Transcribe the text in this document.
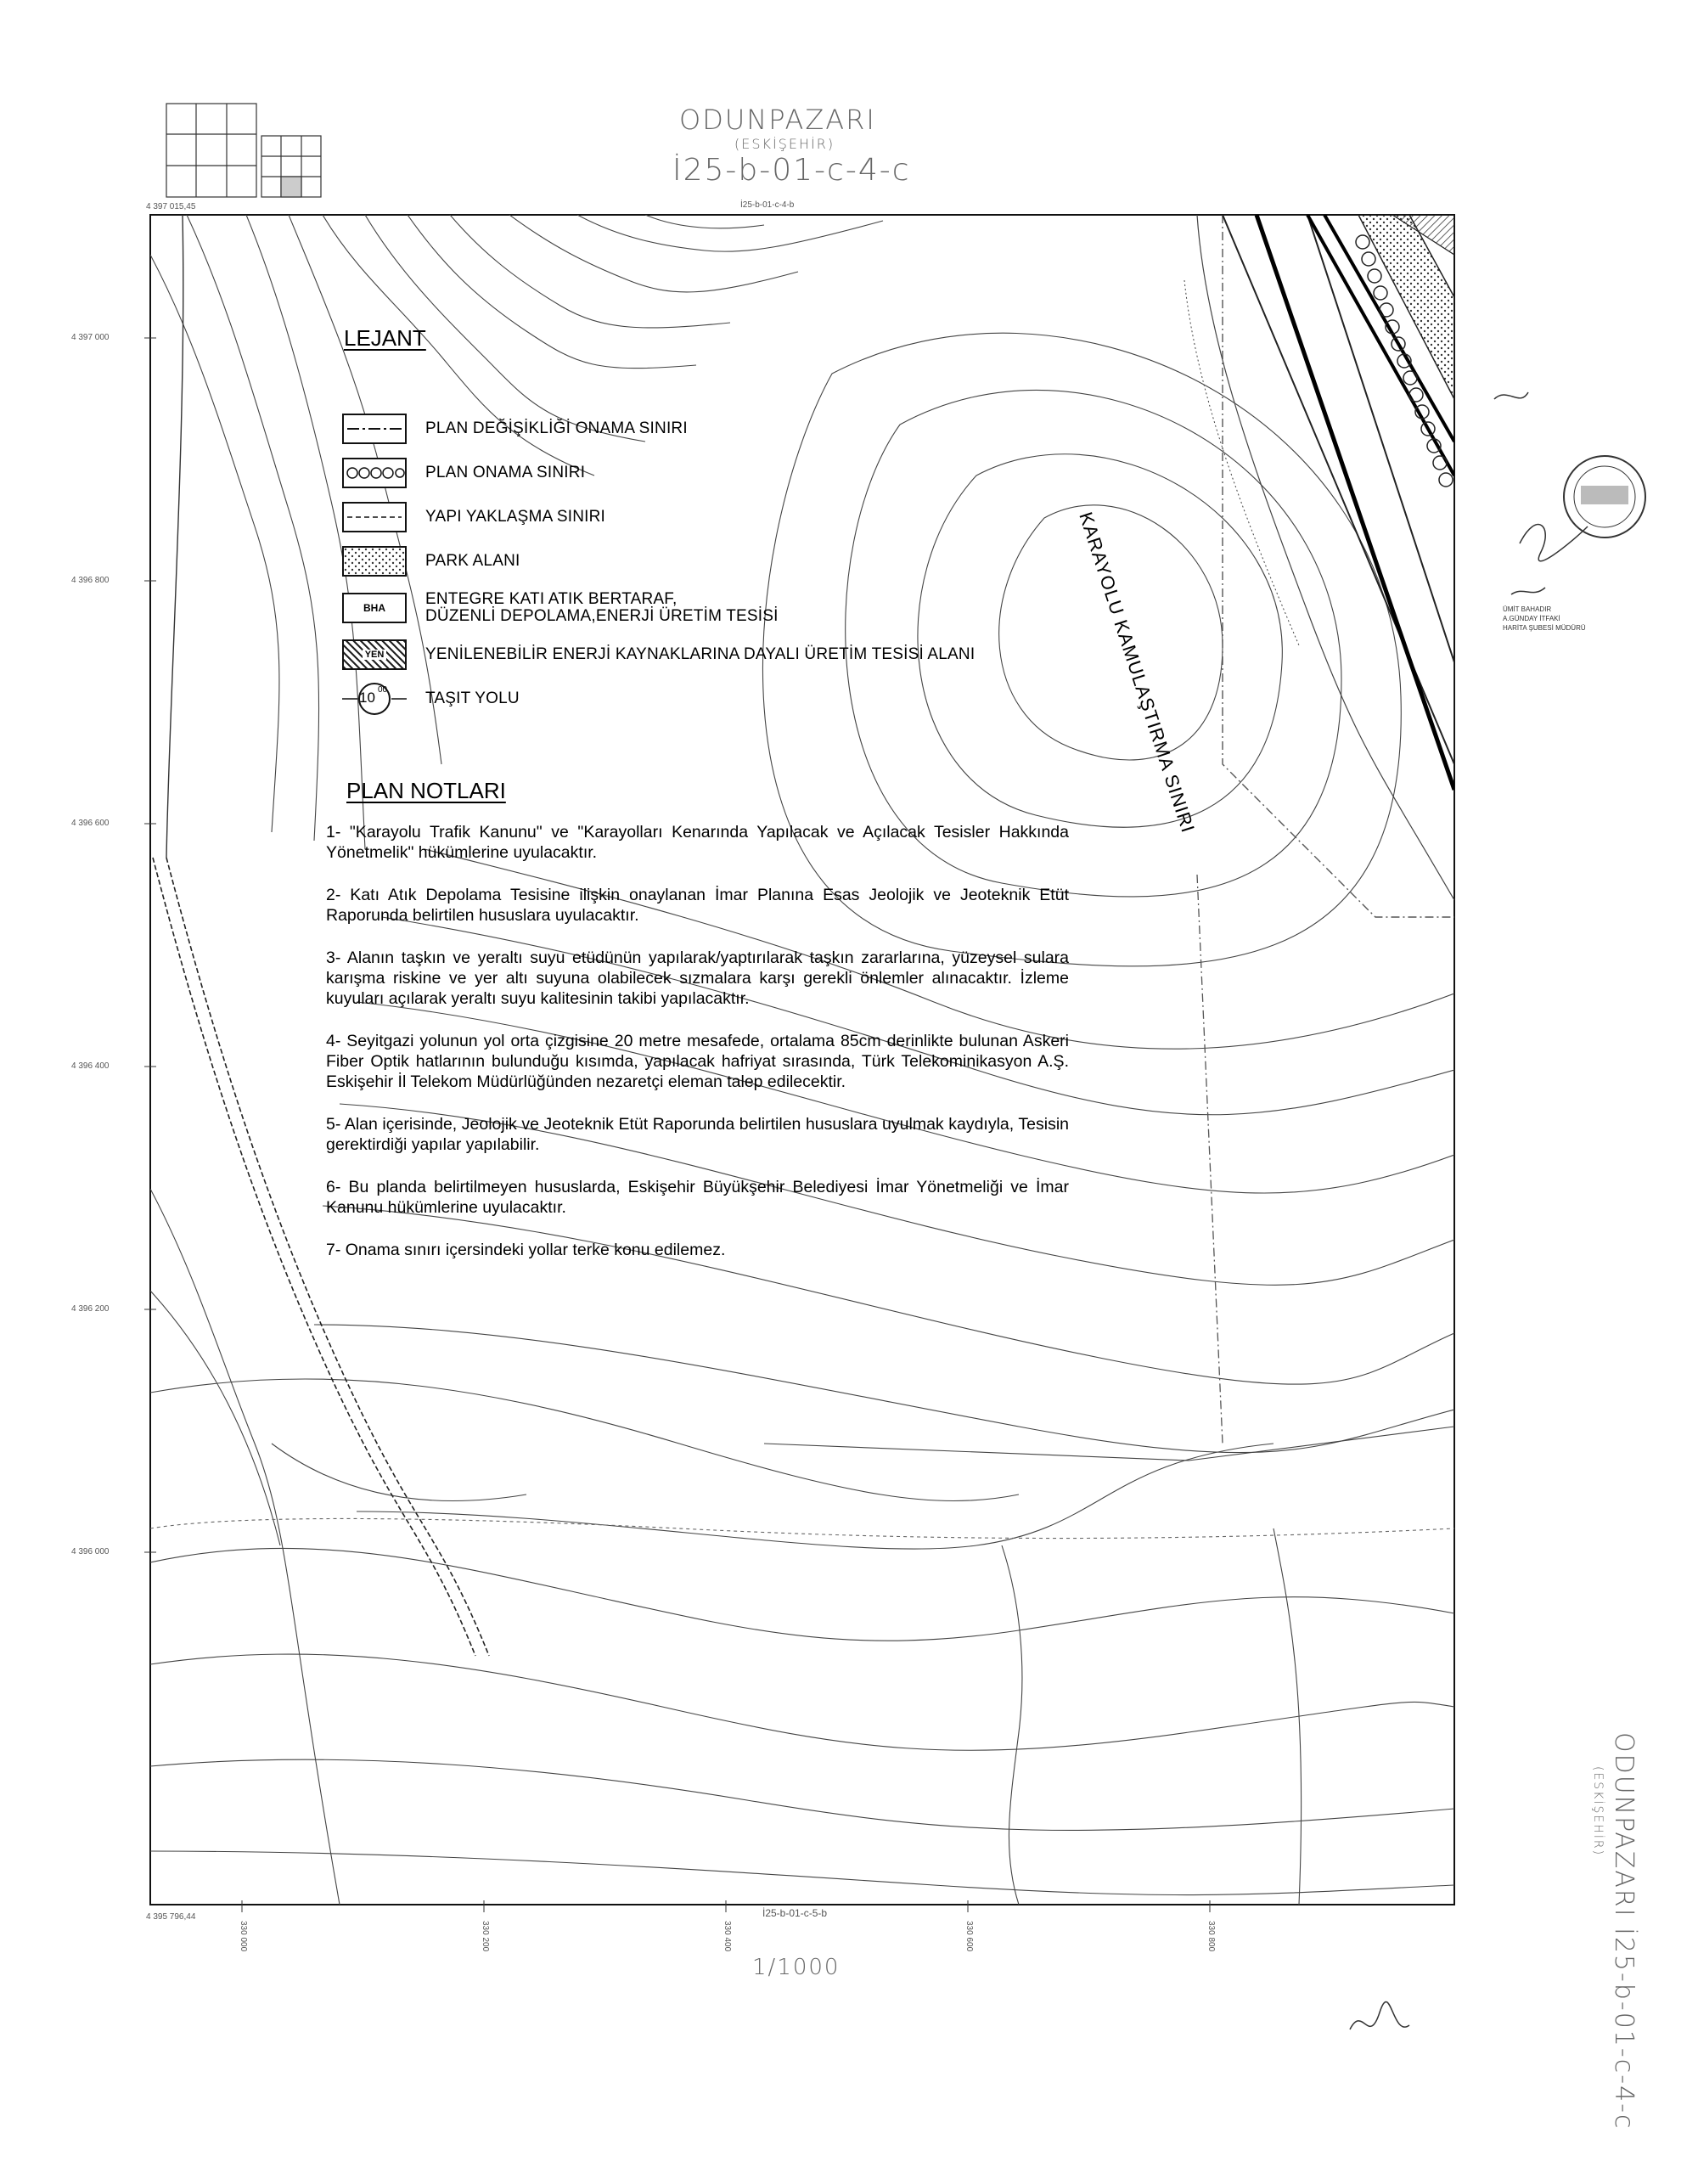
ODUNPAZARI
(ESKİŞEHİR)
İ25-b-01-c-4-c
İ25-b-01-c-4-b
LEJANT
PLAN DEĞİŞİKLİĞİ ONAMA SINIRI
PLAN ONAMA SINIRI
YAPI YAKLAŞMA SINIRI
PARK ALANI
BHA ENTEGRE KATI ATIK BERTARAF,
DÜZENLİ DEPOLAMA,ENERJİ ÜRETİM TESİSİ
YEN	YENİLENEBİLİR ENERJİ KAYNAKLARINA DAYALI ÜRETİM TESİSİ ALANI
10 00 TAŞIT YOLU
PLAN NOTLARI
1- "Karayolu Trafik Kanunu" ve "Karayolları Kenarında Yapılacak ve Açılacak Tesisler Hakkında Yönetmelik" hükümlerine uyulacaktır.
2- Katı Atık Depolama Tesisine ilişkin onaylanan İmar Planına Esas Jeolojik ve Jeoteknik Etüt Raporunda belirtilen hususlara uyulacaktır.
3- Alanın taşkın ve yeraltı suyu etüdünün yapılarak/yaptırılarak taşkın zararlarına, yüzeysel sulara karışma riskine ve yer altı suyuna olabilecek sızmalara karşı gerekli önlemler alınacaktır. İzleme kuyuları açılarak yeraltı suyu kalitesinin takibi yapılacaktır.
4- Seyitgazi yolunun yol orta çizgisine 20 metre mesafede, ortalama 85cm derinlikte bulunan Askeri Fiber Optik hatlarının bulunduğu kısımda, yapılacak hafriyat sırasında, Türk Telekominikasyon A.Ş. Eskişehir İl Telekom Müdürlüğünden nezaretçi eleman talep edilecektir.
5- Alan içerisinde, Jeolojik ve Jeoteknik Etüt Raporunda belirtilen hususlara uyulmak kaydıyla, Tesisin gerektirdiği yapılar yapılabilir.
6- Bu planda belirtilmeyen hususlarda, Eskişehir Büyükşehir Belediyesi İmar Yönetmeliği ve İmar Kanunu hükümlerine uyulacaktır.
7- Onama sınırı içersindeki yollar terke konu edilemez.
KARAYOLU KAMULAŞTIRMA SINIRI
4 397 000
4 396 800
4 396 600
4 396 400
4 396 200
4 396 000
4 397 015,45
4 395 796,44
330 000	330 200	330 400	330 600	330 800
İ25-b-01-c-5-b
1/1000
ODUNPAZARI
(ESKİŞEHİR)
İ25-b-01-c-4-c
ÜMİT BAHADIR
A.GÜNDAY İTFAKİ
HARİTA ŞUBESİ MÜDÜRÜ
